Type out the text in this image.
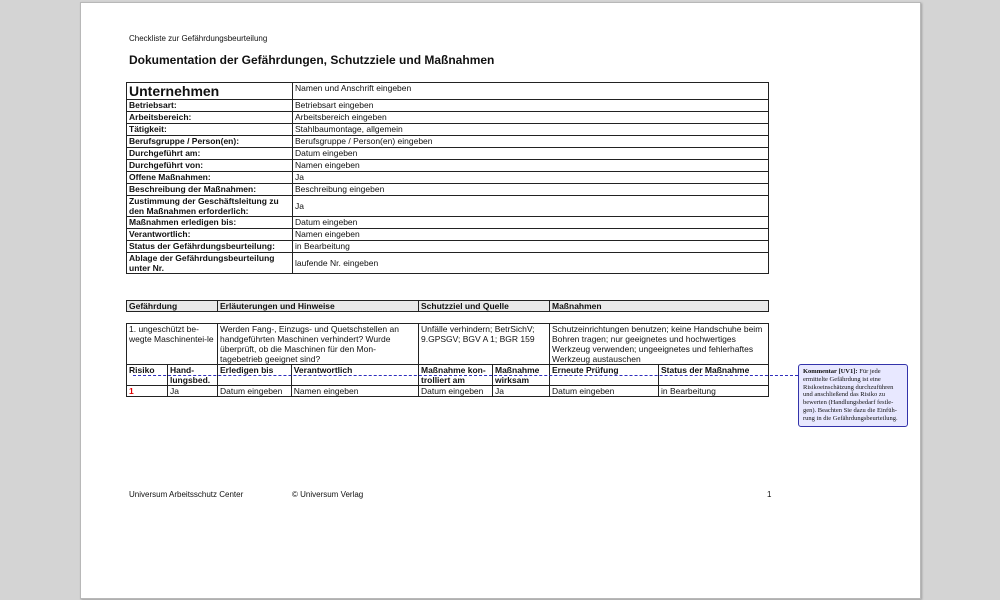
Checkliste zur Gefährdungsbeurteilung
Dokumentation der Gefährdungen, Schutzziele und Maßnahmen
Unternehmen	Namen und Anschrift eingeben
Betriebsart:	Betriebsart eingeben
Arbeitsbereich:	Arbeitsbereich eingeben
Tätigkeit:	Stahlbaumontage, allgemein
Berufsgruppe / Person(en):	Berufsgruppe / Person(en) eingeben
Durchgeführt am:	Datum eingeben
Durchgeführt von:	Namen eingeben
Offene Maßnahmen:	Ja
Beschreibung der Maßnahmen:	Beschreibung eingeben
Zustimmung der Geschäftsleitung zu den Maßnahmen erforderlich:	Ja
Maßnahmen erledigen bis:	Datum eingeben
Verantwortlich:	Namen eingeben
Status der Gefährdungsbeurteilung:	in Bearbeitung
Ablage der Gefährdungsbeurteilung unter Nr.	laufende Nr. eingeben
Gefährdung	Erläuterungen und Hinweise	Schutzziel und Quelle	Maßnahmen
1. ungeschützt be-wegte Maschinentei-le		Werden Fang-, Einzugs- und Quetschstellen an handgeführten Maschinen verhindert? Wurde überprüft, ob die Maschinen für den Mon-tagebetrieb geeignet sind?		Unfälle verhindern; BetrSichV; 9.GPSGV; BGV A 1; BGR 159		Schutzeinrichtungen benutzen; keine Handschuhe beim Bohren tragen; nur geeignetes und hochwertiges Werkzeug verwenden; ungeeignetes und fehlerhaftes Werkzeug austauschen	
Risiko	Hand-lungsbed.	Erledigen bis	Verantwortlich	Maßnahme kon-trolliert am	Maßnahme wirksam	Erneute Prüfung	Status der Maßnahme
1	Ja	Datum eingeben	Namen eingeben	Datum eingeben	Ja	Datum eingeben	in Bearbeitung
Kommentar [UV1]: Für jede ermittelte Gefährdung ist eine Risikoeinschätzung durchzuführen und anschließend das Risiko zu bewerten (Handlungsbedarf festle-gen). Beachten Sie dazu die Einfüh-rung in die Gefährdungsbeurteilung.
Universum Arbeitsschutz Center	© Universum Verlag	1
